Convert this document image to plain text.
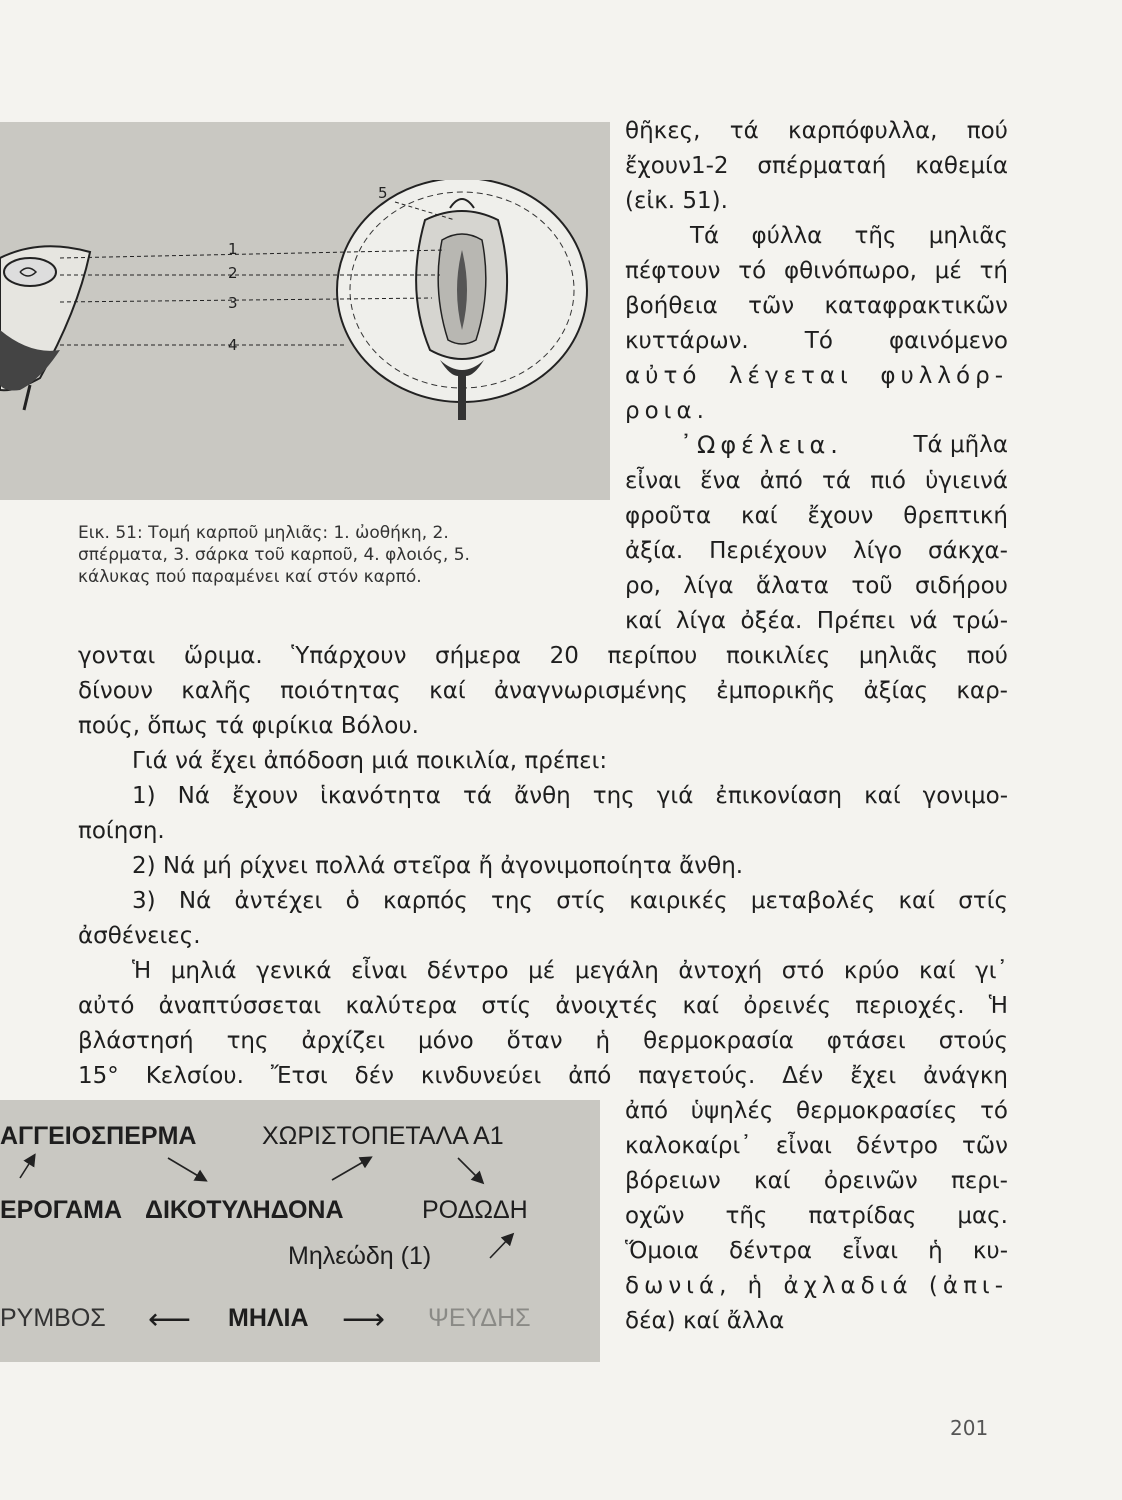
5
1
2
3
4
Εικ. 51: Τομή καρποῦ μηλιᾶς: 1. ὠοθήκη, 2.
σπέρματα, 3. σάρκα τοῦ καρποῦ, 4. φλοιός, 5.
κάλυκας πού παραμένει καί στόν καρπό.
θῆκες, τά καρπόφυλλα, πού
ἔχουν1-2 σπέρματαή καθεμία
(εἰκ. 51).
Τά φύλλα τῆς μηλιᾶς
πέφτουν τό φθινόπωρο, μέ τή
βοήθεια τῶν καταφρακτικῶν
κυττάρων. Τό φαινόμενο
αὐτό λέγεται φυλλόρ-
ροια.
᾿Ωφέλεια.	Τά μῆλα
εἶναι ἕνα ἀπό τά πιό ὑγιεινά
φροῦτα καί ἔχουν θρεπτική
ἀξία. Περιέχουν λίγο σάκχα-
ρο, λίγα ἅλατα τοῦ σιδήρου
καί λίγα ὀξέα. Πρέπει νά τρώ-
γονται ὥριμα. Ὑπάρχουν σήμερα 20 περίπου ποικιλίες μηλιᾶς πού
δίνουν καλῆς ποιότητας καί ἀναγνωρισμένης ἐμπορικῆς ἀξίας καρ-
πούς, ὅπως τά φιρίκια Βόλου.
Γιά νά ἔχει ἀπόδοση μιά ποικιλία, πρέπει:
1) Νά ἔχουν ἱκανότητα τά ἄνθη της γιά ἐπικονίαση καί γονιμο-
ποίηση.
2) Νά μή ρίχνει πολλά στεῖρα ἤ ἀγονιμοποίητα ἄνθη.
3) Νά ἀντέχει ὁ καρπός της στίς καιρικές μεταβολές καί στίς
ἀσθένειες.
Ἡ μηλιά γενικά εἶναι δέντρο μέ μεγάλη ἀντοχή στό κρύο καί γι᾿
αὐτό ἀναπτύσσεται καλύτερα στίς ἀνοιχτές καί ὀρεινές περιοχές. Ἡ
βλάστησή της ἀρχίζει μόνο ὅταν ἡ θερμοκρασία φτάσει στούς
15° Κελσίου. Ἔτσι δέν κινδυνεύει ἀπό παγετούς. Δέν ἔχει ἀνάγκη
ἀπό ὑψηλές θερμοκρασίες τό
καλοκαίρι᾿ εἶναι δέντρο τῶν
βόρειων καί ὀρεινῶν περι-
οχῶν τῆς πατρίδας μας.
Ὅμοια δέντρα εἶναι ἡ κυ-
δωνιά, ἡ ἀχλαδιά (ἀπι-
δέα) καί ἄλλα
ΑΓΓΕΙΟΣΠΕΡΜΑ	ΧΩΡΙΣΤΟΠΕΤΑΛΑ Α1
ΕΡΟΓΑΜΑ ΔΙΚΟΤΥΛΗΔΟΝΑ	ΡΟΔΩΔΗ
Μηλεώδη (1)
ΡΥΜΒΟΣ ⟵ ΜΗΛΙΑ ⟵ ΨΕΥΔΗΣ
201
